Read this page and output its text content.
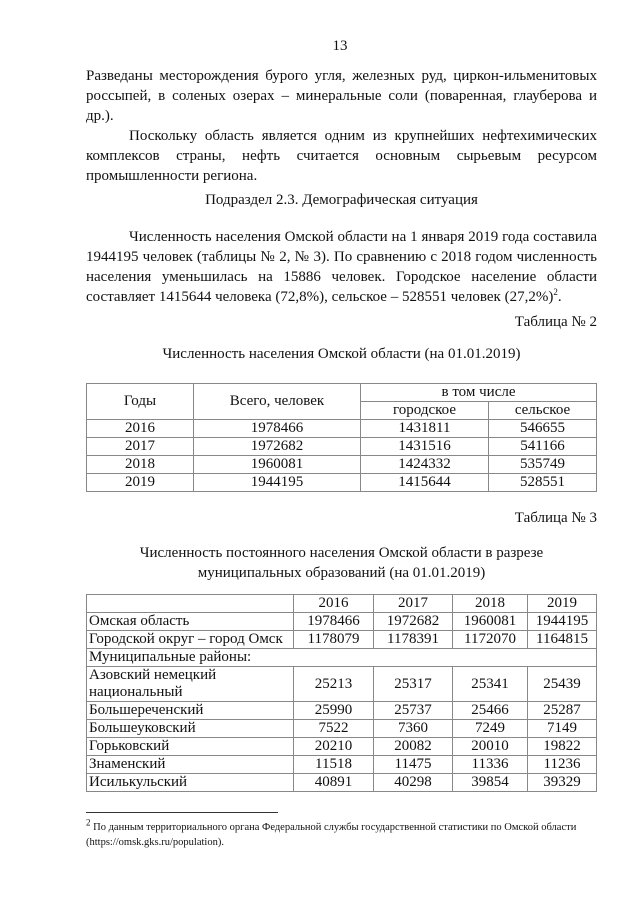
13
Разведаны месторождения бурого угля, железных руд, циркон-ильменитовых
россыпей, в соленых озерах – минеральные соли (поваренная, глауберова и
др.).
Поскольку область является одним из крупнейших нефтехимических
комплексов страны, нефть считается основным сырьевым ресурсом
промышленности региона.
Подраздел 2.3. Демографическая ситуация
Численность населения Омской области на 1 января 2019 года составила
1944195 человек (таблицы № 2, № 3). По сравнению с 2018 годом численность
населения уменьшилась на 15886 человек. Городское население области
составляет 1415644 человека (72,8%), сельское – 528551 человек $(27,2\%)^2$.
Таблица № 2
Численность населения Омской области (на 01.01.2019)
Годы	Всего, человек	в том числе	
		городское	сельское
2016	1978466	1431811	546655
2017	1972682	1431516	541166
2018	1960081	1424332	535749
2019	1944195	1415644	528551
Таблица № 3
Численность постоянного населения Омской области в разрезе
муниципальных образований (на 01.01.2019)
	2016	2017	2018	2019
Омская область	1978466	1972682	1960081	1944195
Городской округ – город Омск	1178079	1178391	1172070	1164815
Муниципальные районы:				
Азовский немецкий национальный	25213	25317	25341	25439
Большереченский	25990	25737	25466	25287
Большеуковский	7522	7360	7249	7149
Горьковский	20210	20082	20010	19822
Знаменский	11518	11475	11336	11236
Исилькульский	40891	40298	39854	39329
$^2$ По данным территориального органа Федеральной службы государственной статистики по Омской области
(https://omsk.gks.ru/population).
